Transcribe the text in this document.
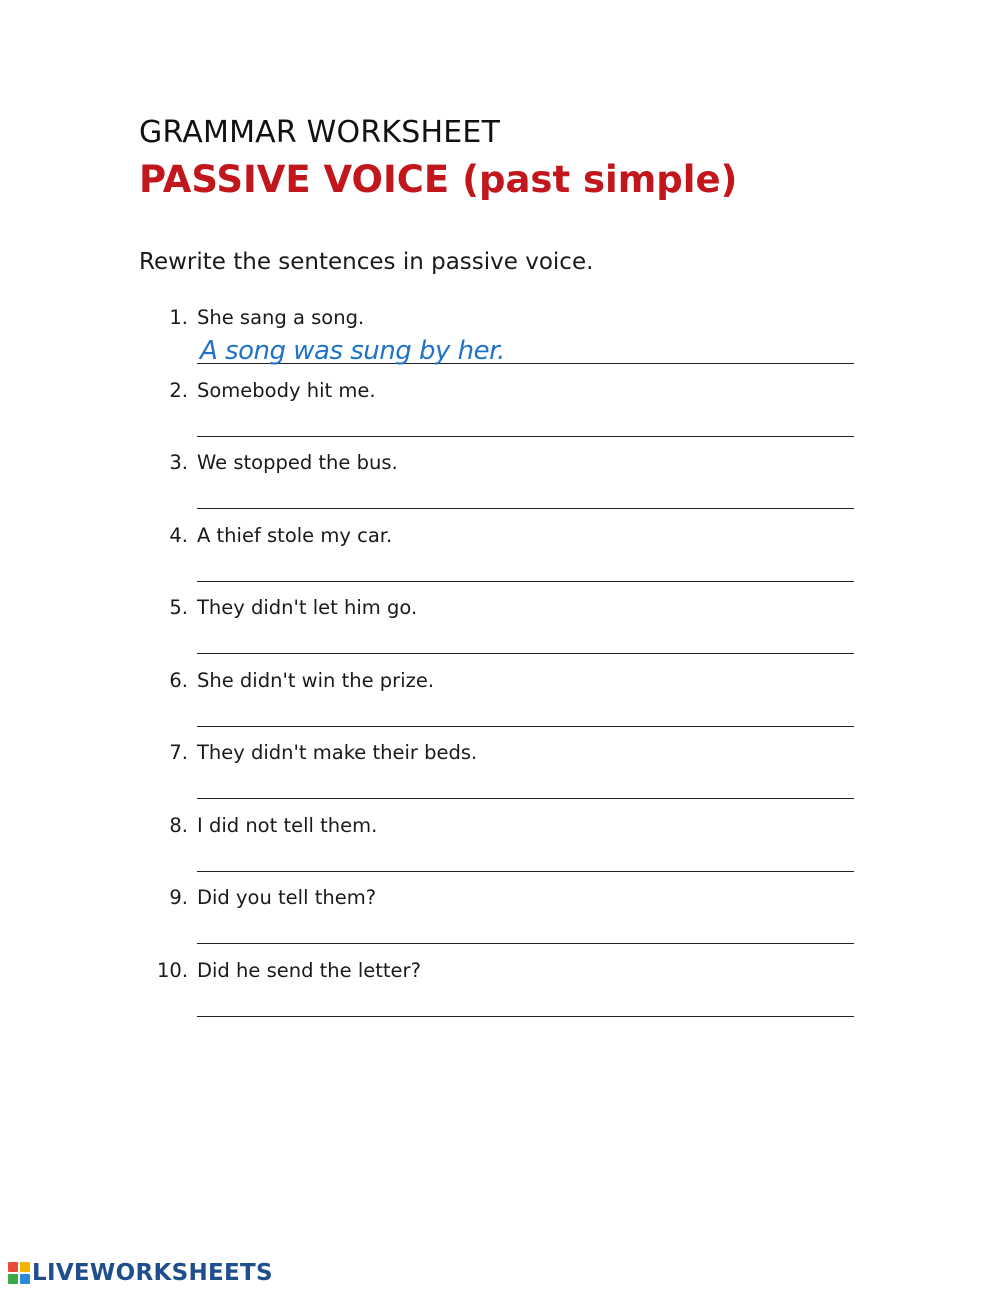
GRAMMAR WORKSHEET
PASSIVE VOICE (past simple)
Rewrite the sentences in passive voice.
1. She sang a song.
A song was sung by her.
2. Somebody hit me.
3. We stopped the bus.
4. A thief stole my car.
5. They didn't let him go.
6. She didn't win the prize.
7. They didn't make their beds.
8. I did not tell them.
9. Did you tell them?
10. Did he send the letter?
LIVEWORKSHEETS
